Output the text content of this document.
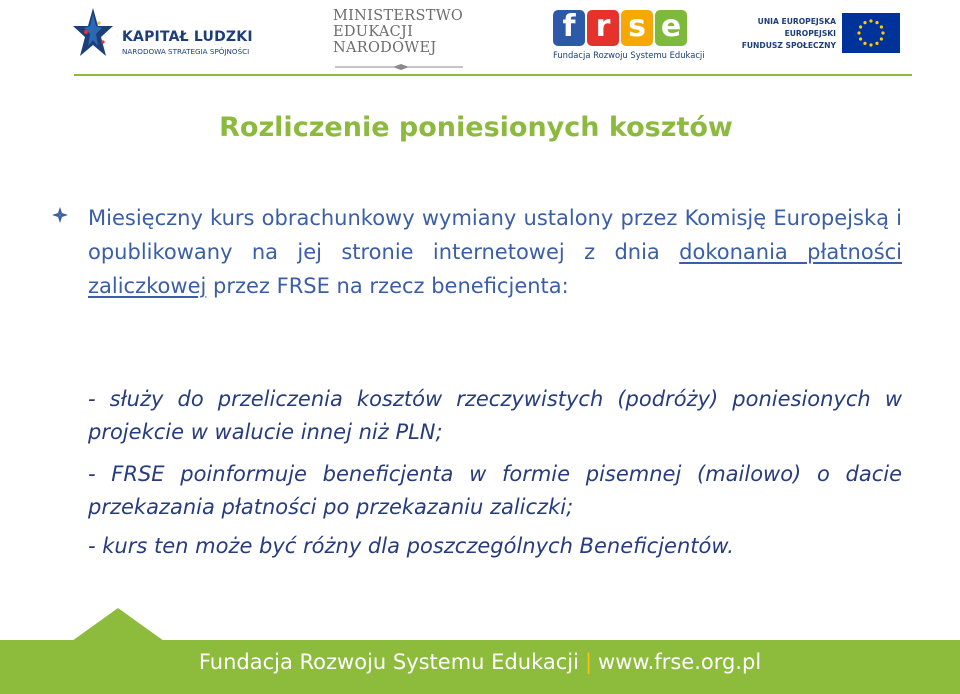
KAPITAŁ LUDZKI
NARODOWA STRATEGIA SPÓJNOŚCI
MINISTERSTWO
EDUKACJI
NARODOWEJ
f r s e
Fundacja Rozwoju Systemu Edukacji
UNIA EUROPEJSKA
EUROPEJSKI
FUNDUSZ SPOŁECZNY
Rozliczenie poniesionych kosztów
Miesięczny kurs obrachunkowy wymiany ustalony przez Komisję Europejską i opublikowany na jej stronie internetowej z dnia dokonania płatności zaliczkowej przez FRSE na rzecz beneficjenta:
- służy do przeliczenia kosztów rzeczywistych (podróży) poniesionych w projekcie w walucie innej niż PLN;
- FRSE poinformuje beneficjenta w formie pisemnej (mailowo) o dacie przekazania płatności po przekazaniu zaliczki;
- kurs ten może być różny dla poszczególnych Beneficjentów.
Fundacja Rozwoju Systemu Edukacji | www.frse.org.pl
